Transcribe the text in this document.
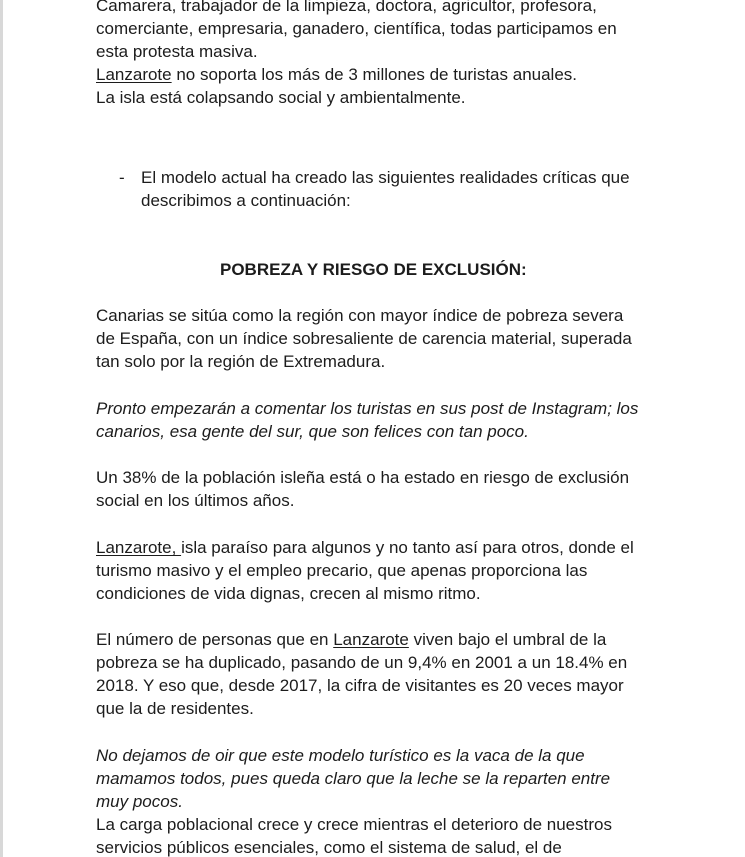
Camarera, trabajador de la limpieza, doctora, agricultor, profesora,
comerciante, empresaria, ganadero, científica, todas participamos en
esta protesta masiva.
Lanzarote no soporta los más de 3 millones de turistas anuales.
La isla está colapsando social y ambientalmente.
- El modelo actual ha creado las siguientes realidades críticas que
describimos a continuación:
POBREZA Y RIESGO DE EXCLUSIÓN:
Canarias se sitúa como la región con mayor índice de pobreza severa
de España, con un índice sobresaliente de carencia material, superada
tan solo por la región de Extremadura.
Pronto empezarán a comentar los turistas en sus post de Instagram; los
canarios, esa gente del sur, que son felices con tan poco.
Un 38% de la población isleña está o ha estado en riesgo de exclusión
social en los últimos años.
Lanzarote, isla paraíso para algunos y no tanto así para otros, donde el
turismo masivo y el empleo precario, que apenas proporciona las
condiciones de vida dignas, crecen al mismo ritmo.
El número de personas que en Lanzarote viven bajo el umbral de la
pobreza se ha duplicado, pasando de un 9,4% en 2001 a un 18.4% en
2018. Y eso que, desde 2017, la cifra de visitantes es 20 veces mayor
que la de residentes.
No dejamos de oir que este modelo turístico es la vaca de la que
mamamos todos, pues queda claro que la leche se la reparten entre
muy pocos.
La carga poblacional crece y crece mientras el deterioro de nuestros
servicios públicos esenciales, como el sistema de salud, el de
